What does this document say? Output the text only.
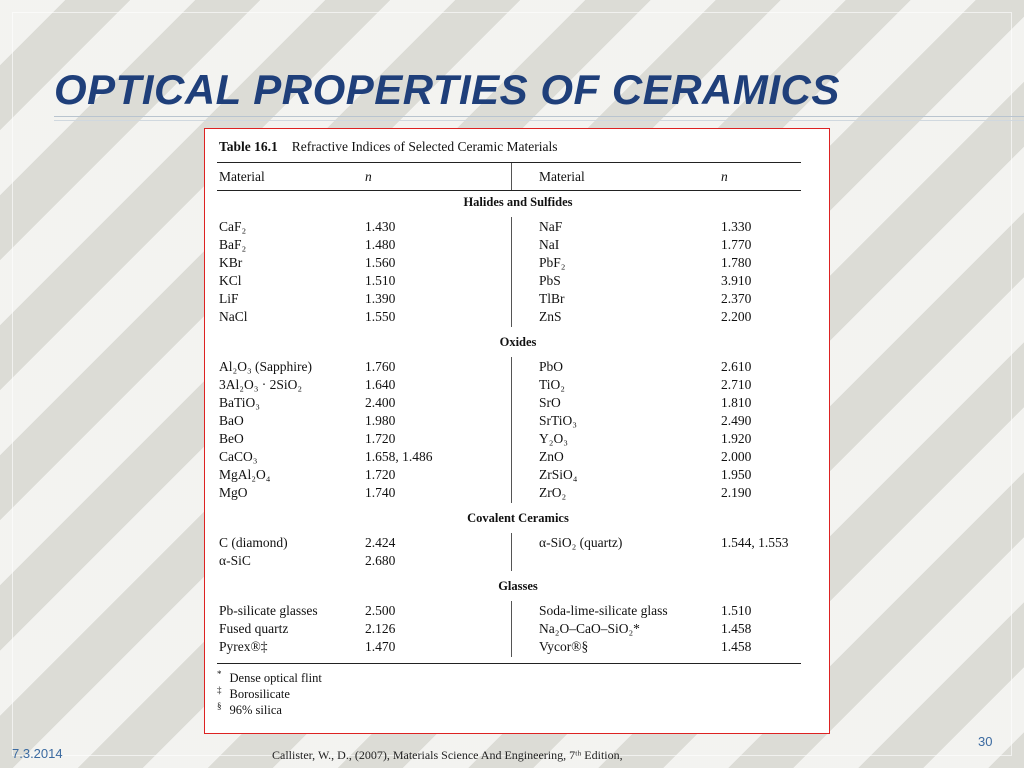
OPTICAL PROPERTIES OF CERAMICS
Table 16.1 Refractive Indices of Selected Ceramic Materials
Material	n	Material	n
Halides and Sulfides
CaF₂	1.430	NaF	1.330
BaF₂	1.480	NaI	1.770
KBr	1.560	PbF₂	1.780
KCl	1.510	PbS	3.910
LiF	1.390	TlBr	2.370
NaCl	1.550	ZnS	2.200
Oxides
Al₂O₃ (Sapphire)	1.760	PbO	2.610
3Al₂O₃ · 2SiO₂	1.640	TiO₂	2.710
BaTiO₃	2.400	SrO	1.810
BaO	1.980	SrTiO₃	2.490
BeO	1.720	Y₂O₃	1.920
CaCO₃	1.658, 1.486	ZnO	2.000
MgAl₂O₄	1.720	ZrSiO₄	1.950
MgO	1.740	ZrO₂	2.190
Covalent Ceramics
C (diamond)	2.424	α-SiO₂ (quartz)	1.544, 1.553
α-SiC	2.680
Glasses
Pb-silicate glasses	2.500	Soda-lime-silicate glass	1.510
Fused quartz	2.126	Na₂O–CaO–SiO₂*	1.458
Pyrex®‡	1.470	Vycor®§	1.458
* Dense optical flint
‡ Borosilicate
§ 96% silica
7.3.2014	Callister, W., D., (2007), Materials Science And Engineering, 7ᵗʰ Edition,
30
